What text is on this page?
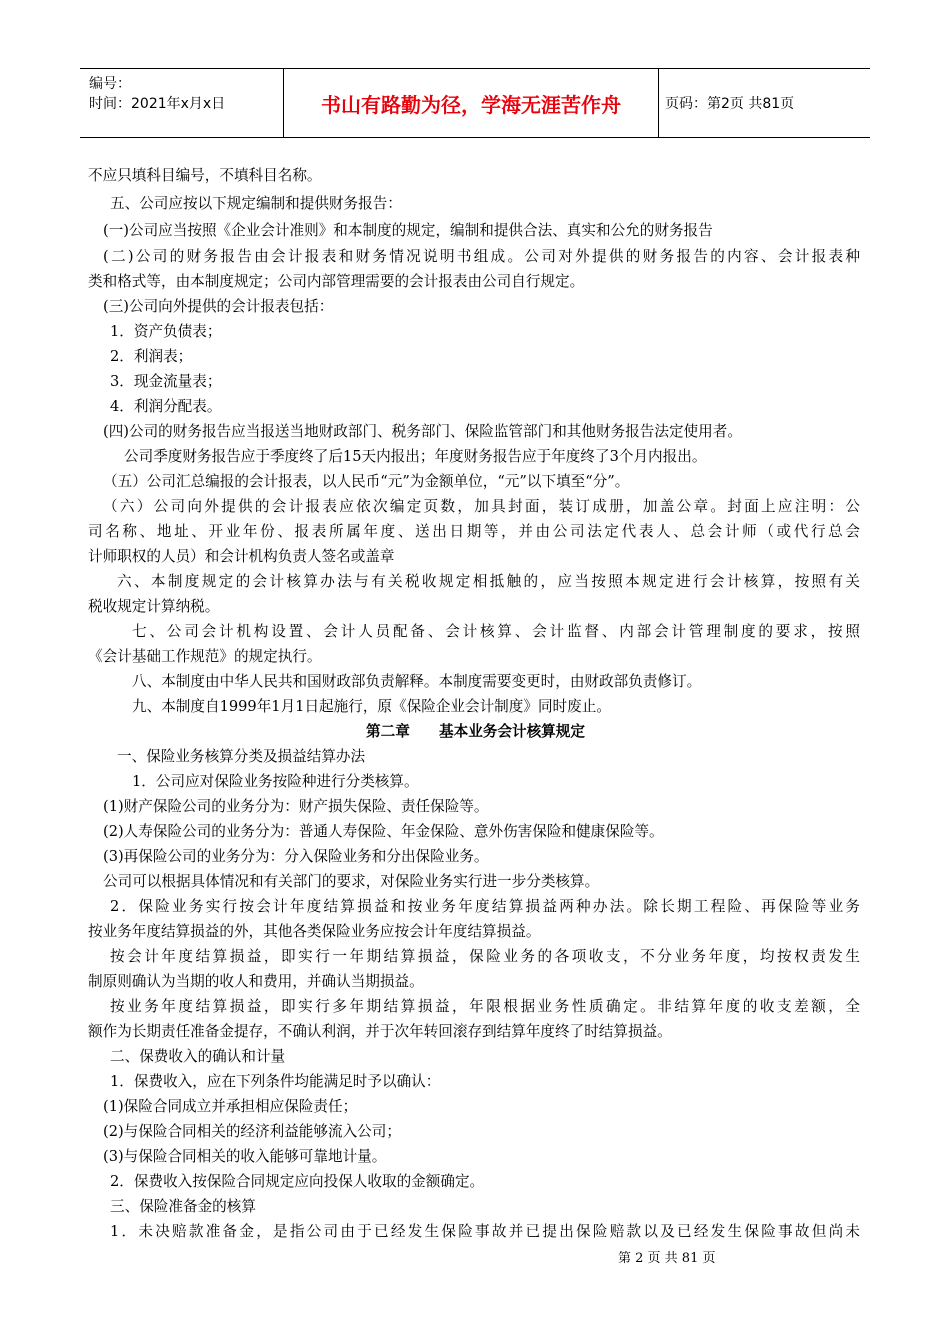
编号：
时间：2021年x月x日	书山有路勤为径，学海无涯苦作舟	页码：第2页 共81页
不应只填科目编号，不填科目名称。
五、公司应按以下规定编制和提供财务报告：
(一)公司应当按照《企业会计准则》和本制度的规定，编制和提供合法、真实和公允的财务报告
(二)公司的财务报告由会计报表和财务情况说明书组成。公司对外提供的财务报告的内容、会计报表种
类和格式等，由本制度规定；公司内部管理需要的会计报表由公司自行规定。
(三)公司向外提供的会计报表包括：
1．资产负债表；
2．利润表；
3．现金流量表；
4．利润分配表。
(四)公司的财务报告应当报送当地财政部门、税务部门、保险监管部门和其他财务报告法定使用者。
公司季度财务报告应于季度终了后15天内报出；年度财务报告应于年度终了3个月内报出。
（五）公司汇总编报的会计报表，以人民币“元”为金额单位，“元”以下填至“分”。
（六）公司向外提供的会计报表应依次编定页数，加具封面，装订成册，加盖公章。封面上应注明：公
司名称、地址、开业年份、报表所属年度、送出日期等，并由公司法定代表人、总会计师（或代行总会
计师职权的人员）和会计机构负责人签名或盖章
六、本制度规定的会计核算办法与有关税收规定相抵触的，应当按照本规定进行会计核算，按照有关
税收规定计算纳税。
七、公司会计机构设置、会计人员配备、会计核算、会计监督、内部会计管理制度的要求，按照
《会计基础工作规范》的规定执行。
八、本制度由中华人民共和国财政部负责解释。本制度需要变更时，由财政部负责修订。
九、本制度自1999年1月1日起施行，原《保险企业会计制度》同时废止。
第二章　　基本业务会计核算规定
一、保险业务核算分类及损益结算办法
1．公司应对保险业务按险种进行分类核算。
(1)财产保险公司的业务分为：财产损失保险、责任保险等。
(2)人寿保险公司的业务分为：普通人寿保险、年金保险、意外伤害保险和健康保险等。
(3)再保险公司的业务分为：分入保险业务和分出保险业务。
公司可以根据具体情况和有关部门的要求，对保险业务实行进一步分类核算。
2．保险业务实行按会计年度结算损益和按业务年度结算损益两种办法。除长期工程险、再保险等业务
按业务年度结算损益的外，其他各类保险业务应按会计年度结算损益。
按会计年度结算损益，即实行一年期结算损益，保险业务的各项收支，不分业务年度，均按权责发生
制原则确认为当期的收人和费用，并确认当期损益。
按业务年度结算损益，即实行多年期结算损益，年限根据业务性质确定。非结算年度的收支差额，全
额作为长期责任准备金提存，不确认利润，并于次年转回滚存到结算年度终了时结算损益。
二、保费收入的确认和计量
1．保费收入，应在下列条件均能满足时予以确认：
(1)保险合同成立并承担相应保险责任；
(2)与保险合同相关的经济利益能够流入公司；
(3)与保险合同相关的收入能够可靠地计量。
2．保费收入按保险合同规定应向投保人收取的金额确定。
三、保险准备金的核算
1．未决赔款准备金，是指公司由于已经发生保险事故并已提出保险赔款以及已经发生保险事故但尚未
第 2 页 共 81 页
